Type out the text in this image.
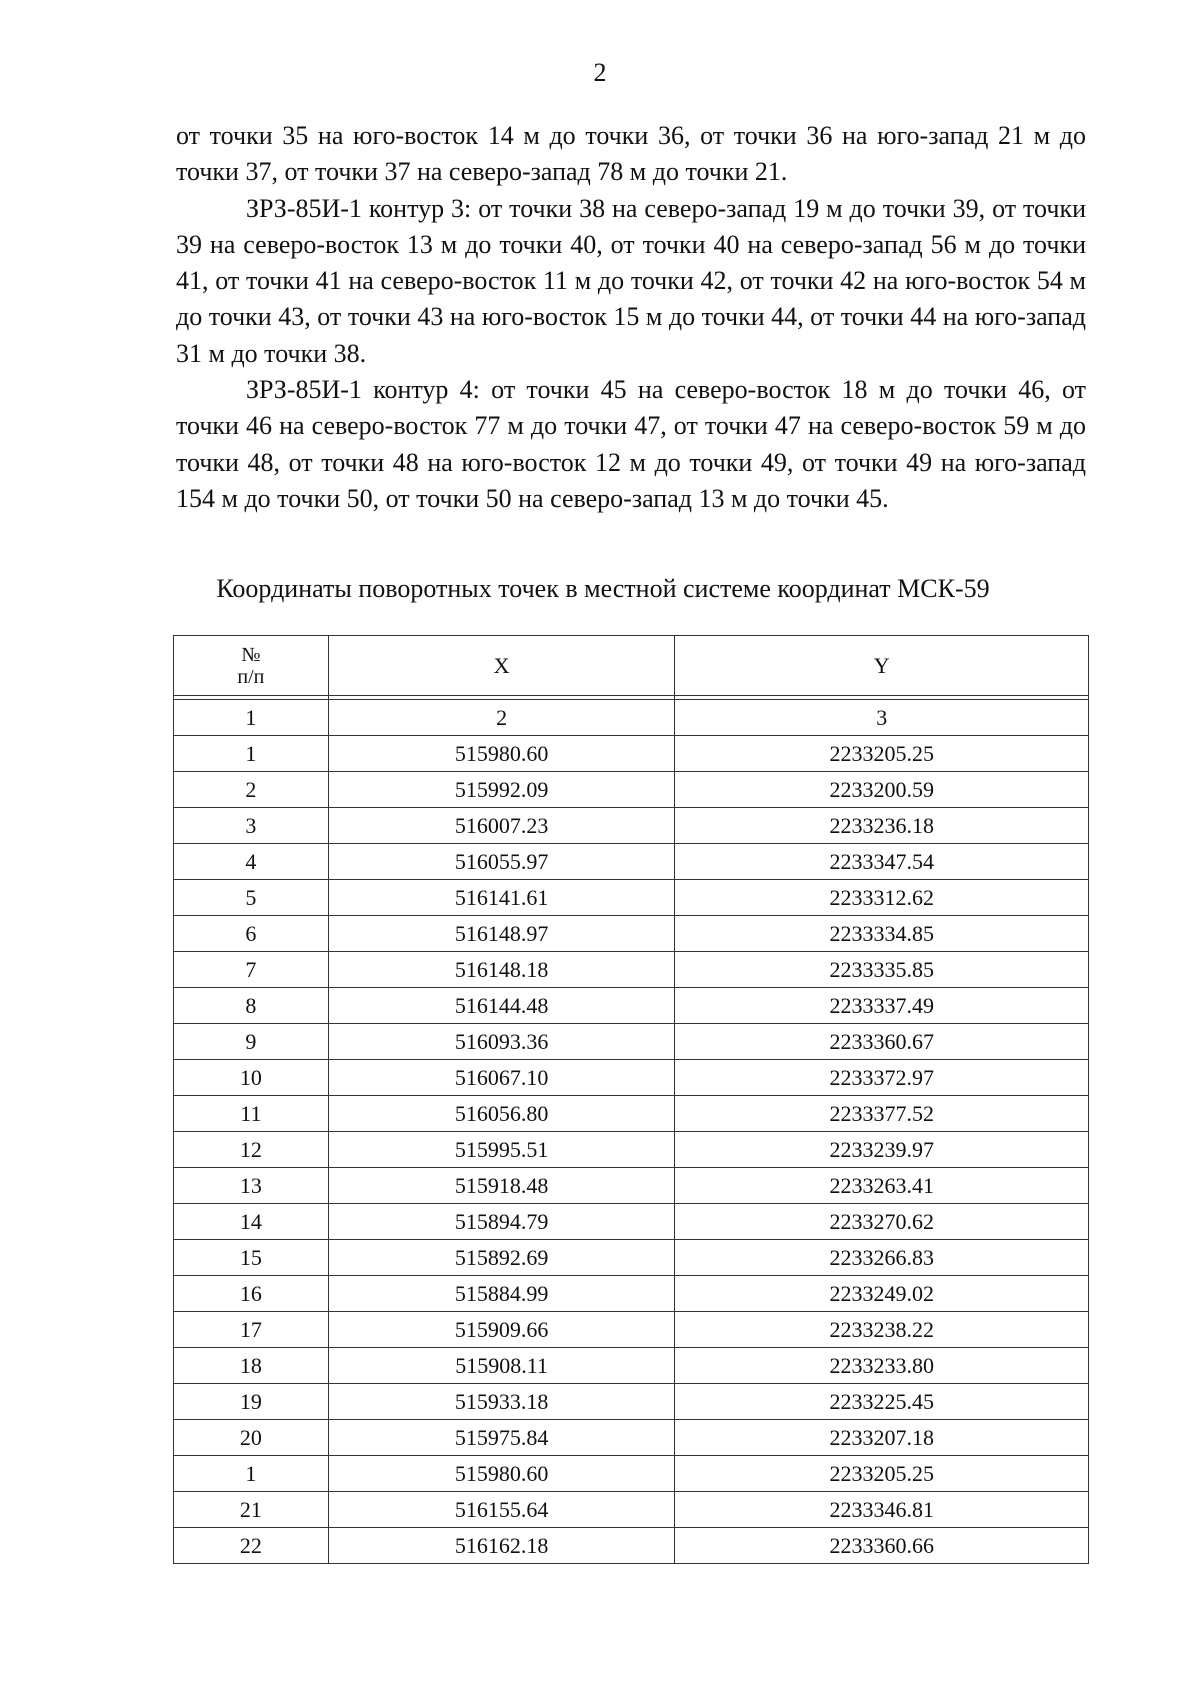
2

от точки 35 на юго-восток 14 м до точки 36, от точки 36 на юго-запад 21 м до точки 37, от точки 37 на северо-запад 78 м до точки 21.

ЗРЗ-85И-1 контур 3: от точки 38 на северо-запад 19 м до точки 39, от точки 39 на северо-восток 13 м до точки 40, от точки 40 на северо-запад 56 м до точки 41, от точки 41 на северо-восток 11 м до точки 42, от точки 42 на юго-восток 54 м до точки 43, от точки 43 на юго-восток 15 м до точки 44, от точки 44 на юго-запад 31 м до точки 38.

ЗРЗ-85И-1 контур 4: от точки 45 на северо-восток 18 м до точки 46, от точки 46 на северо-восток 77 м до точки 47, от точки 47 на северо-восток 59 м до точки 48, от точки 48 на юго-восток 12 м до точки 49, от точки 49 на юго-запад 154 м до точки 50, от точки 50 на северо-запад 13 м до точки 45.

Координаты поворотных точек в местной системе координат МСК-59
№
п/п	X	Y

1	2	3
1	515980.60	2233205.25
2	515992.09	2233200.59
3	516007.23	2233236.18
4	516055.97	2233347.54
5	516141.61	2233312.62
6	516148.97	2233334.85
7	516148.18	2233335.85
8	516144.48	2233337.49
9	516093.36	2233360.67
10	516067.10	2233372.97
11	516056.80	2233377.52
12	515995.51	2233239.97
13	515918.48	2233263.41
14	515894.79	2233270.62
15	515892.69	2233266.83
16	515884.99	2233249.02
17	515909.66	2233238.22
18	515908.11	2233233.80
19	515933.18	2233225.45
20	515975.84	2233207.18
1	515980.60	2233205.25
21	516155.64	2233346.81
22	516162.18	2233360.66
